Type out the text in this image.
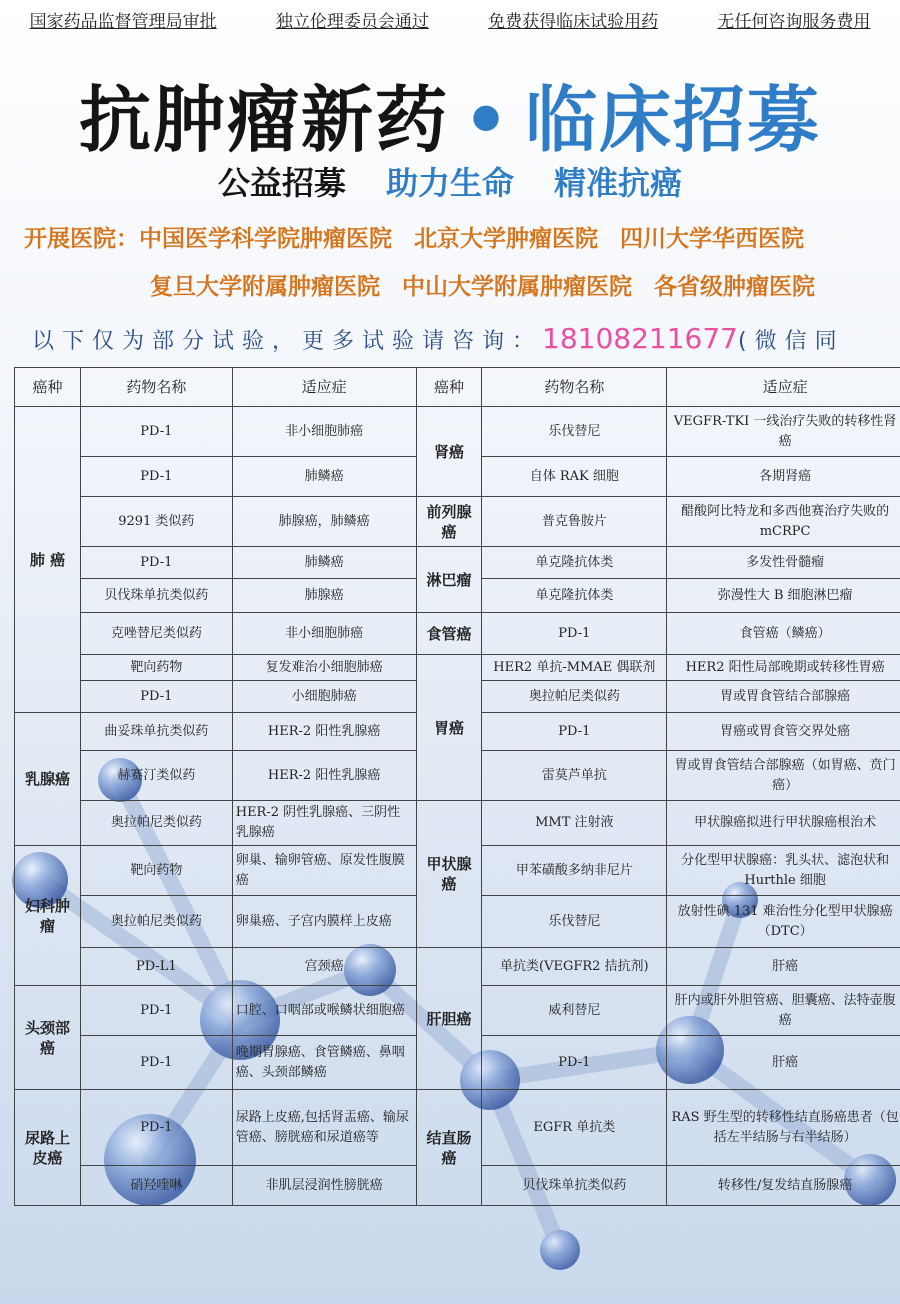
国家药品监督管理局审批	独立伦理委员会通过	免费获得临床试验用药	无任何咨询服务费用
抗肿瘤新药 • 临床招募
公益招募 助力生命 精准抗癌
开展医院：中国医学科学院肿瘤医院 北京大学肿瘤医院 四川大学华西医院
复旦大学附属肿瘤医院 中山大学附属肿瘤医院 各省级肿瘤医院
以下仅为部分试验，更多试验请咨询：18108211677(微信同
癌种	药物名称	适应症	癌种	药物名称	适应症
肺 癌	PD-1	非小细胞肺癌	肾癌	乐伐替尼	VEGFR-TKI 一线治疗失败的转移性肾癌
	PD-1	肺鳞癌		自体 RAK 细胞	各期肾癌
	9291 类似药	肺腺癌，肺鳞癌	前列腺癌	普克鲁胺片	醋酸阿比特龙和多西他赛治疗失败的 mCRPC
	PD-1	肺鳞癌	淋巴瘤	单克隆抗体类	多发性骨髓瘤
	贝伐珠单抗类似药	肺腺癌		单克隆抗体类	弥漫性大 B 细胞淋巴瘤
	克唑替尼类似药	非小细胞肺癌	食管癌	PD-1	食管癌（鳞癌）
	靶向药物	复发难治小细胞肺癌	胃癌	HER2 单抗-MMAE 偶联剂	HER2 阳性局部晚期或转移性胃癌
	PD-1	小细胞肺癌		奥拉帕尼类似药	胃或胃食管结合部腺癌
乳腺癌	曲妥珠单抗类似药	HER-2 阳性乳腺癌		PD-1	胃癌或胃食管交界处癌
	赫赛汀类似药	HER-2 阳性乳腺癌		雷莫芦单抗	胃或胃食管结合部腺癌（如胃癌、贲门癌）
	奥拉帕尼类似药	HER-2 阴性乳腺癌、三阴性乳腺癌	甲状腺癌	MMT 注射液	甲状腺癌拟进行甲状腺癌根治术
妇科肿瘤	靶向药物	卵巢、输卵管癌、原发性腹膜癌		甲苯磺酸多纳非尼片	分化型甲状腺癌：乳头状、滤泡状和 Hurthle 细胞
	奥拉帕尼类似药	卵巢癌、子宫内膜样上皮癌		乐伐替尼	放射性碘 131 难治性分化型甲状腺癌（DTC）
	PD-L1	宫颈癌	肝胆癌	单抗类(VEGFR2 拮抗剂)	肝癌
头颈部癌	PD-1	口腔、口咽部或喉鳞状细胞癌		威利替尼	肝内或肝外胆管癌、胆囊癌、法特壶腹癌
	PD-1	晚期胃腺癌、食管鳞癌、鼻咽癌、头颈部鳞癌		PD-1	肝癌
尿路上皮癌	PD-1	尿路上皮癌,包括肾盂癌、输尿管癌、膀胱癌和尿道癌等	结直肠癌	EGFR 单抗类	RAS 野生型的转移性结直肠癌患者（包括左半结肠与右半结肠）
	硝羟喹啉	非肌层浸润性膀胱癌		贝伐珠单抗类似药	转移性/复发结直肠腺癌
